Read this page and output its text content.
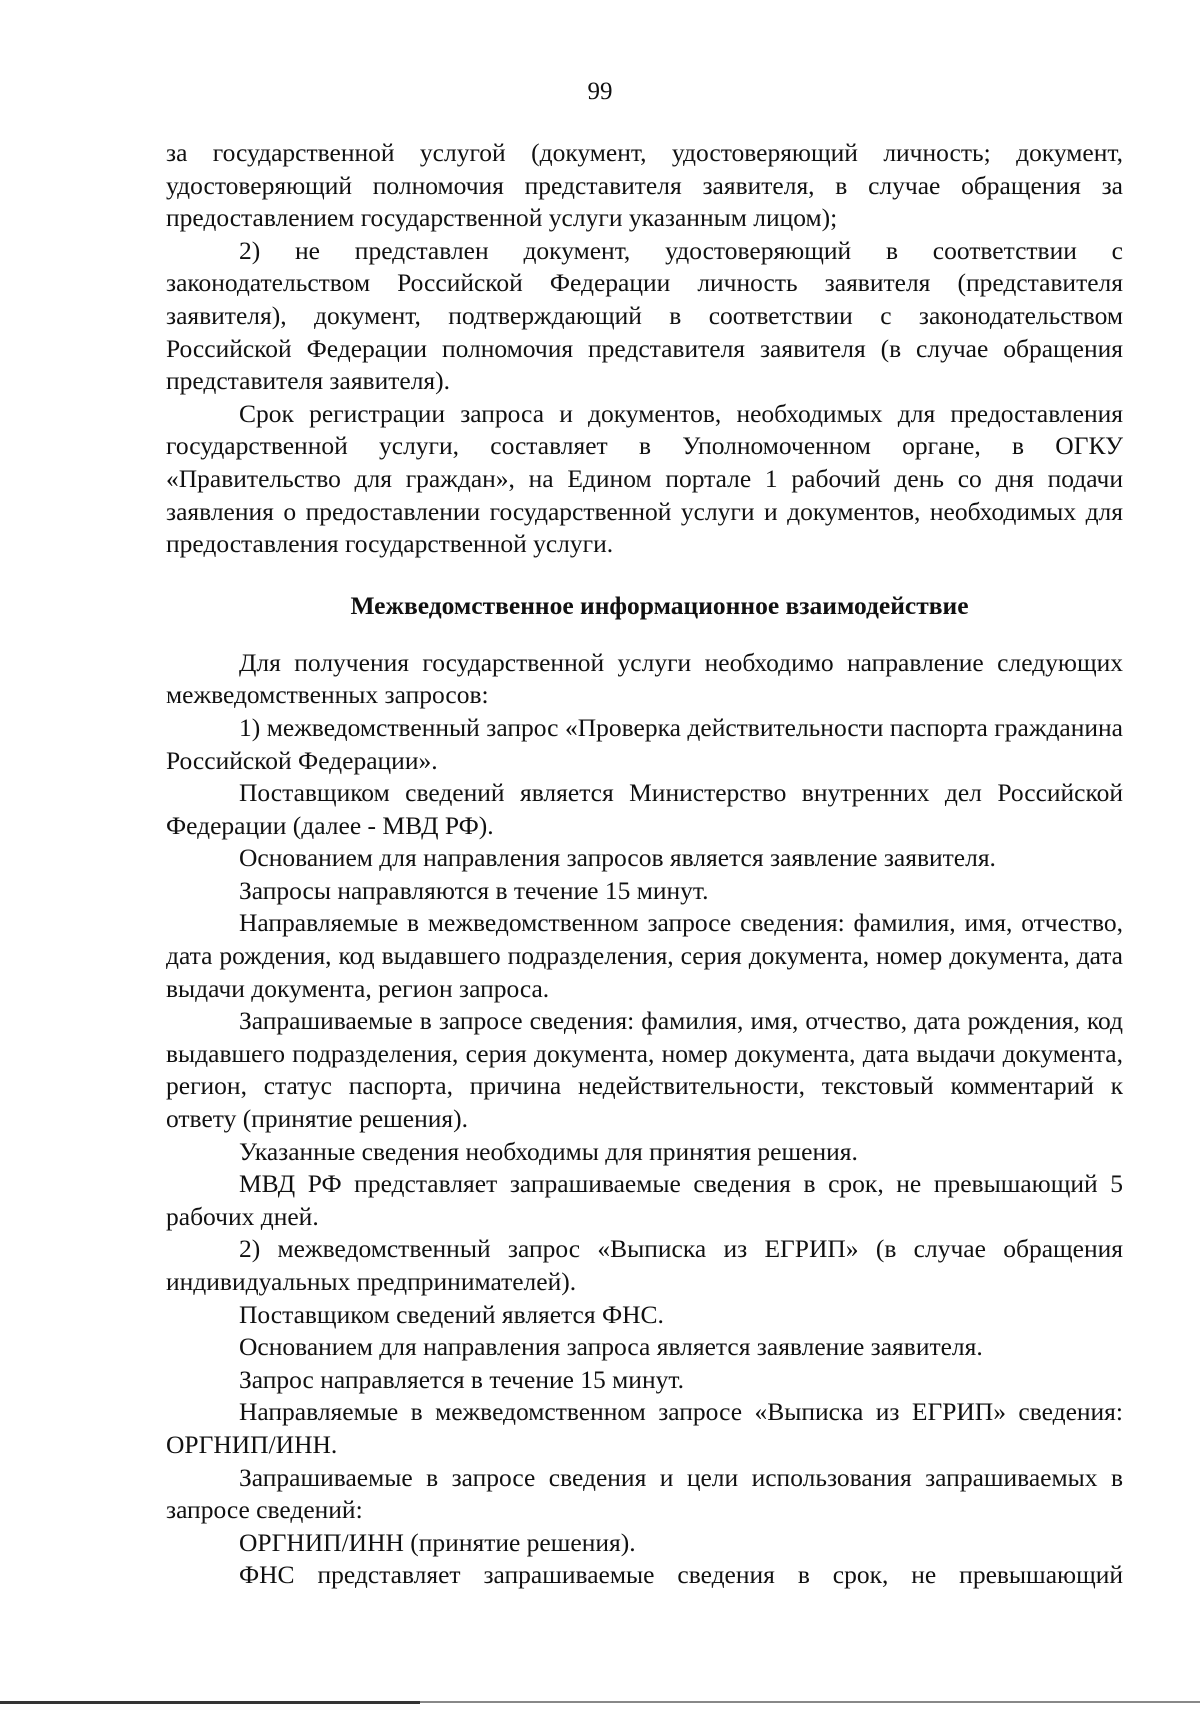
99

за государственной услугой (документ, удостоверяющий личность; документ, удостоверяющий полномочия представителя заявителя, в случае обращения за предоставлением государственной услуги указанным лицом);

2) не представлен документ, удостоверяющий в соответствии с законодательством Российской Федерации личность заявителя (представителя заявителя), документ, подтверждающий в соответствии с законодательством Российской Федерации полномочия представителя заявителя (в случае обращения представителя заявителя).

Срок регистрации запроса и документов, необходимых для предоставления государственной услуги, составляет в Уполномоченном органе, в ОГКУ «Правительство для граждан», на Едином портале 1 рабочий день со дня подачи заявления о предоставлении государственной услуги и документов, необходимых для предоставления государственной услуги.

Межведомственное информационное взаимодействие

Для получения государственной услуги необходимо направление следующих межведомственных запросов:

1) межведомственный запрос «Проверка действительности паспорта гражданина Российской Федерации».

Поставщиком сведений является Министерство внутренних дел Российской Федерации (далее - МВД РФ).

Основанием для направления запросов является заявление заявителя.

Запросы направляются в течение 15 минут.

Направляемые в межведомственном запросе сведения: фамилия, имя, отчество, дата рождения, код выдавшего подразделения, серия документа, номер документа, дата выдачи документа, регион запроса.

Запрашиваемые в запросе сведения: фамилия, имя, отчество, дата рождения, код выдавшего подразделения, серия документа, номер документа, дата выдачи документа, регион, статус паспорта, причина недействительности, текстовый комментарий к ответу (принятие решения).

Указанные сведения необходимы для принятия решения.

МВД РФ представляет запрашиваемые сведения в срок, не превышающий 5 рабочих дней.

2) межведомственный запрос «Выписка из ЕГРИП» (в случае обращения индивидуальных предпринимателей).

Поставщиком сведений является ФНС.

Основанием для направления запроса является заявление заявителя.

Запрос направляется в течение 15 минут.

Направляемые в межведомственном запросе «Выписка из ЕГРИП» сведения: ОРГНИП/ИНН.

Запрашиваемые в запросе сведения и цели использования запрашиваемых в запросе сведений:

ОРГНИП/ИНН (принятие решения).

ФНС представляет запрашиваемые сведения в срок, не превышающий
